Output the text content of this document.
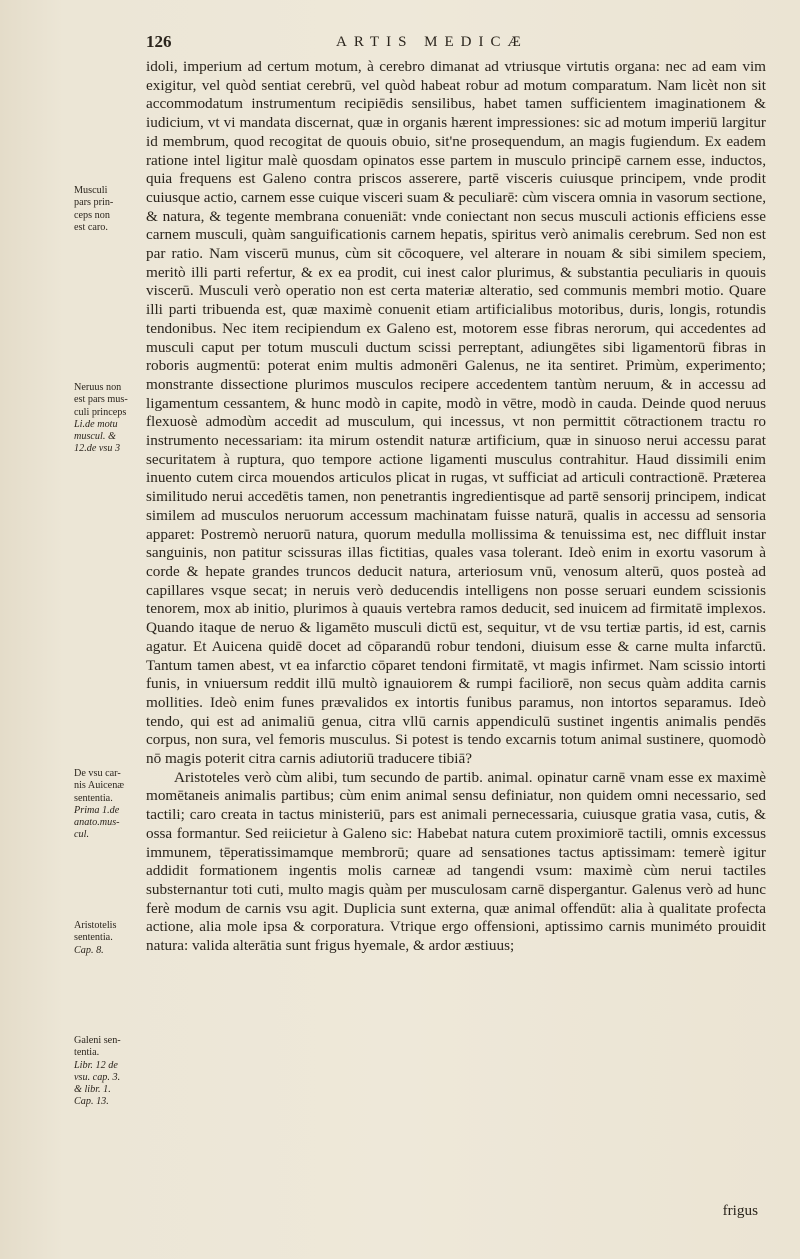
126	ARTIS MEDICÆ
Musculi
pars prin-
ceps non
est caro.
Neruus non
est pars mus-
culi princeps
Li.de motu
muscul. &
12.de vsu 3
De vsu car-
nis Auicenæ
sententia.
Prima 1.de
anato.mus-
cul.
Aristotelis
sententia.
Cap. 8.
Galeni sen-
tentia.
Libr. 12 de
vsu. cap. 3.
& libr. 1.
Cap. 13.

idoli, imperium ad certum motum, à cerebro dimanat ad vtriusque virtutis organa: nec ad eam vim exigitur, vel quòd sentiat cerebrū, vel quòd habeat robur ad motum comparatum. Nam licèt non sit accommodatum instrumentum recipiēdis sensilibus, habet tamen sufficientem imaginationem & iudicium, vt vi mandata discernat, quæ in organis hærent impressiones: sic ad motum imperiū largitur id membrum, quod recogitat de quouis obuio, sit'ne prosequendum, an magis fugiendum. Ex eadem ratione intel ligitur malè quosdam opinatos esse partem in musculo principē carnem esse, inductos, quia frequens est Galeno contra priscos asserere, partē visceris cuiusque principem, vnde prodit cuiusque actio, carnem esse cuique visceri suam & peculiarē: cùm viscera omnia in vasorum sectione, & natura, & tegente membrana conueniāt: vnde coniectant non secus musculi actionis efficiens esse carnem musculi, quàm sanguificationis carnem hepatis, spiritus verò animalis cerebrum. Sed non est par ratio. Nam viscerū munus, cùm sit cōcoquere, vel alterare in nouam & sibi similem speciem, meritò illi parti refertur, & ex ea prodit, cui inest calor plurimus, & substantia peculiaris in quouis viscerū. Musculi verò operatio non est certa materiæ alteratio, sed communis membri motio. Quare illi parti tribuenda est, quæ maximè conuenit etiam artificialibus motoribus, duris, longis, rotundis tendonibus. Nec item recipiendum ex Galeno est, motorem esse fibras nerorum, qui accedentes ad musculi caput per totum musculi ductum scissi perreptant, adiungētes sibi ligamentorū fibras in roboris augmentū: poterat enim multis admonēri Galenus, ne ita sentiret. Primùm, experimento; monstrante dissectione plurimos musculos recipere accedentem tantùm neruum, & in accessu ad ligamentum cessantem, & hunc modò in capite, modò in vētre, modò in cauda. Deinde quod neruus flexuosè admodùm accedit ad musculum, qui incessus, vt non permittit cōtractionem tractu ro instrumento necessariam: ita mirum ostendit naturæ artificium, quæ in sinuoso nerui accessu parat securitatem à ruptura, quo tempore actione ligamenti musculus contrahitur. Haud dissimili enim inuento cutem circa mouendos articulos plicat in rugas, vt sufficiat ad articuli contractionē. Præterea similitudo nerui accedētis tamen, non penetrantis ingredientisque ad partē sensorij principem, indicat similem ad musculos neruorum accessum machinatam fuisse naturā, qualis in accessu ad sensoria apparet: Postremò neruorū natura, quorum medulla mollissima & tenuissima est, nec diffluit instar sanguinis, non patitur scissuras illas fictitias, quales vasa tolerant. Ideò enim in exortu vasorum à corde & hepate grandes truncos deducit natura, arteriosum vnū, venosum alterū, quos posteà ad capillares vsque secat; in neruis verò deducendis intelligens non posse seruari eundem scissionis tenorem, mox ab initio, plurimos à quauis vertebra ramos deducit, sed inuicem ad firmitatē implexos. Quando itaque de neruo & ligamēto musculi dictū est, sequitur, vt de vsu tertiæ partis, id est, carnis agatur. Et Auicena quidē docet ad cōparandū robur tendoni, diuisum esse & carne multa infarctū. Tantum tamen abest, vt ea infarctio cōparet tendoni firmitatē, vt magis infirmet. Nam scissio intorti funis, in vniuersum reddit illū multò ignauiorem & rumpi faciliorē, non secus quàm addita carnis mollities. Ideò enim funes prævalidos ex intortis funibus paramus, non intortos separamus. Ideò tendo, qui est ad animaliū genua, citra vllū carnis appendiculū sustinet ingentis animalis pendēs corpus, non sura, vel femoris musculus. Si potest is tendo excarnis totum animal sustinere, quomodò nō magis poterit citra carnis adiutoriū traducere tibiā?

Aristoteles verò cùm alibi, tum secundo de partib. animal. opinatur carnē vnam esse ex maximè momētaneis animalis partibus; cùm enim animal sensu definiatur, non quidem omni necessario, sed tactili; caro creata in tactus ministeriū, pars est animali pernecessaria, cuiusque gratia vasa, cutis, & ossa formantur. Sed reiicietur à Galeno sic: Habebat natura cutem proximiorē tactili, omnis excessus immunem, tēperatissimamque membrorū; quare ad sensationes tactus aptissimam: temerè igitur addidit formationem ingentis molis carneæ ad tangendi vsum: maximè cùm nerui tactiles substernantur toti cuti, multo magis quàm per musculosam carnē dispergantur. Galenus verò ad hunc ferè modum de carnis vsu agit. Duplicia sunt externa, quæ animal offendūt: alia à qualitate profecta actione, alia mole ipsa & corporatura. Vtrique ergo offensioni, aptissimo carnis muniméto prouidit natura: valida alterātia sunt frigus hyemale, & ardor æstiuus;

frigus
